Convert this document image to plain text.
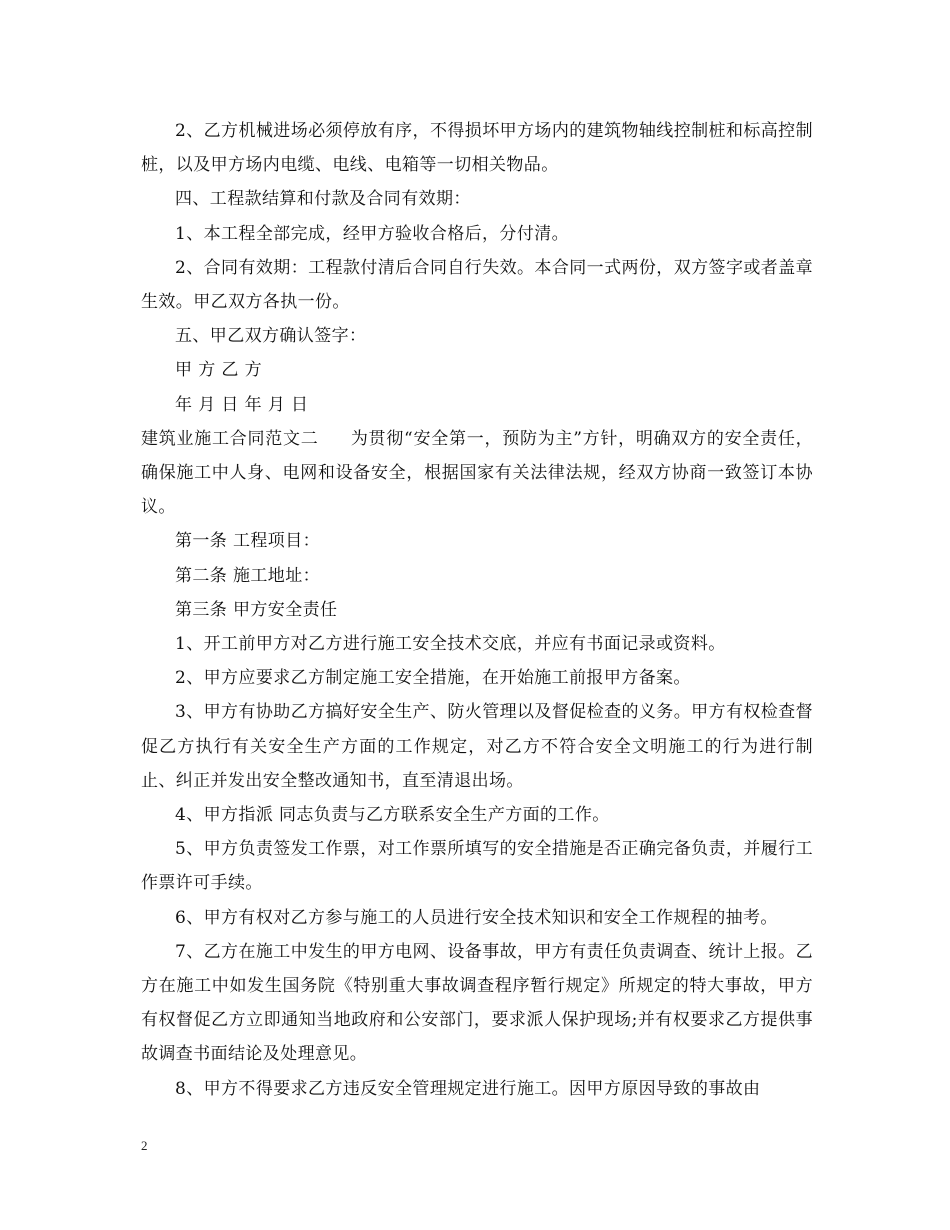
2、乙方机械进场必须停放有序，不得损坏甲方场内的建筑物轴线控制桩和标高控制桩，以及甲方场内电缆、电线、电箱等一切相关物品。

四、工程款结算和付款及合同有效期：

1、本工程全部完成，经甲方验收合格后，分付清。

2、合同有效期：工程款付清后合同自行失效。本合同一式两份，双方签字或者盖章生效。甲乙双方各执一份。

五、甲乙双方确认签字：

甲 方 乙 方

年 月 日 年 月 日

建筑业施工合同范文二 为贯彻“安全第一，预防为主”方针，明确双方的安全责任，确保施工中人身、电网和设备安全，根据国家有关法律法规，经双方协商一致签订本协议。

第一条 工程项目：

第二条 施工地址：

第三条 甲方安全责任

1、开工前甲方对乙方进行施工安全技术交底，并应有书面记录或资料。

2、甲方应要求乙方制定施工安全措施，在开始施工前报甲方备案。

3、甲方有协助乙方搞好安全生产、防火管理以及督促检查的义务。甲方有权检查督促乙方执行有关安全生产方面的工作规定，对乙方不符合安全文明施工的行为进行制止、纠正并发出安全整改通知书，直至清退出场。

4、甲方指派 同志负责与乙方联系安全生产方面的工作。

5、甲方负责签发工作票，对工作票所填写的安全措施是否正确完备负责，并履行工作票许可手续。

6、甲方有权对乙方参与施工的人员进行安全技术知识和安全工作规程的抽考。

7、乙方在施工中发生的甲方电网、设备事故，甲方有责任负责调查、统计上报。乙方在施工中如发生国务院《特别重大事故调查程序暂行规定》所规定的特大事故，甲方有权督促乙方立即通知当地政府和公安部门，要求派人保护现场;并有权要求乙方提供事故调查书面结论及处理意见。

8、甲方不得要求乙方违反安全管理规定进行施工。因甲方原因导致的事故由

2
